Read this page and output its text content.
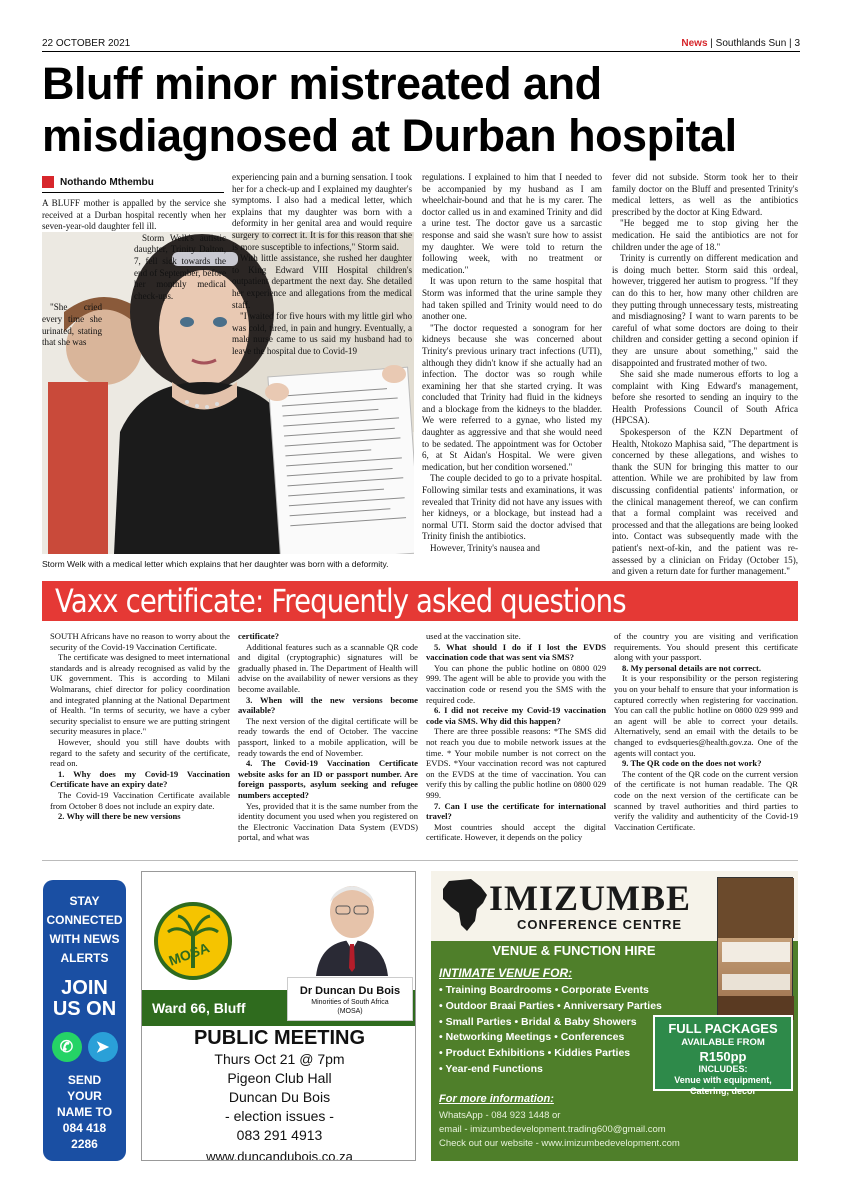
22 OCTOBER 2021	News | Southlands Sun | 3
Bluff minor mistreated and misdiagnosed at Durban hospital
Nothando Mthembu

A BLUFF mother is appalled by the service she received at a Durban hospital recently when her seven-year-old daughter fell ill.

Storm Welk's autistic daughter, Trinity Dalton, 7, fell sick towards the end of September, before her monthly medical check-ups.

"She cried every time she urinated, stating that she was

experiencing pain and a burning sensation. I took her for a check-up and I explained my daughter's symptoms. I also had a medical letter, which explains that my daughter was born with a deformity in her genital area and would require surgery to correct it. It is for this reason that she is more susceptible to infections," Storm said.

With little assistance, she rushed her daughter to King Edward VIII Hospital children's outpatient department the next day. She detailed her experience and allegations from the medical staff.

"I waited for five hours with my little girl who was cold, tired, in pain and hungry. Eventually, a male nurse came to us said my husband had to leave the hospital due to Covid-19

regulations. I explained to him that I needed to be accompanied by my husband as I am wheelchair-bound and that he is my carer. The doctor called us in and examined Trinity and did a urine test. The doctor gave us a sarcastic response and said she wasn't sure how to assist my daughter. We were told to return the following week, with no treatment or medication."

It was upon return to the same hospital that Storm was informed that the urine sample they had taken spilled and Trinity would need to do another one.

"The doctor requested a sonogram for her kidneys because she was concerned about Trinity's previous urinary tract infections (UTI), although they didn't know if she actually had an infection. The doctor was so rough while examining her that she started crying. It was concluded that Trinity had fluid in the kidneys and a blockage from the kidneys to the bladder. We were referred to a gynae, who listed my daughter as aggressive and that she would need to be sedated. The appointment was for October 6, at St Aidan's Hospital. We were given medication, but her condition worsened."

The couple decided to go to a private hospital. Following similar tests and examinations, it was revealed that Trinity did not have any issues with her kidneys, or a blockage, but instead had a normal UTI. Storm said the doctor advised that Trinity finish the antibiotics.

However, Trinity's nausea and

fever did not subside. Storm took her to their family doctor on the Bluff and presented Trinity's medical letters, as well as the antibiotics prescribed by the doctor at King Edward.

"He begged me to stop giving her the medication. He said the antibiotics are not for children under the age of 18."

Trinity is currently on different medication and is doing much better. Storm said this ordeal, however, triggered her autism to progress. "If they can do this to her, how many other children are they putting through unnecessary tests, mistreating and misdiagnosing? I want to warn parents to be careful of what some doctors are doing to their children and consider getting a second opinion if they are unsure about something," said the disappointed and frustrated mother of two.

She said she made numerous efforts to log a complaint with King Edward's management, before she resorted to sending an inquiry to the Health Professions Council of South Africa (HPCSA).

Spokesperson of the KZN Department of Health, Ntokozo Maphisa said, "The department is concerned by these allegations, and wishes to thank the SUN for bringing this matter to our attention. While we are prohibited by law from discussing confidential patients' information, or the clinical management thereof, we can confirm that a formal complaint was received and processed and that the allegations are being looked into. Contact was subsequently made with the patient's next-of-kin, and the patient was re-assessed by a clinician on Friday (October 15), and given a return date for further management."

Storm Welk with a medical letter which explains that her daughter was born with a deformity.
Vaxx certificate: Frequently asked questions

SOUTH Africans have no reason to worry about the security of the Covid-19 Vaccination Certificate.

The certificate was designed to meet international standards and is already recognised as valid by the UK government. This is according to Milani Wolmarans, chief director for policy coordination and integrated planning at the National Department of Health. "In terms of security, we have a cyber security specialist to ensure we are putting stringent security measures in place."

However, should you still have doubts with regard to the safety and security of the certificate, read on.

1. Why does my Covid-19 Vaccination Certificate have an expiry date?

The Covid-19 Vaccination Certificate available from October 8 does not include an expiry date.

2. Why will there be new versions

certificate?

Additional features such as a scannable QR code and digital (cryptographic) signatures will be gradually phased in. The Department of Health will advise on the availability of newer versions as they become available.

3. When will the new versions become available?

The next version of the digital certificate will be ready towards the end of October. The vaccine passport, linked to a mobile application, will be ready towards the end of November.

4. The Covid-19 Vaccination Certificate website asks for an ID or passport number. Are foreign passports, asylum seeking and refugee numbers accepted?

Yes, provided that it is the same number from the identity document you used when you registered on the Electronic Vaccination Data System (EVDS) portal, and what was

used at the vaccination site.

5. What should I do if I lost the EVDS vaccination code that was sent via SMS?

You can phone the public hotline on 0800 029 999. The agent will be able to provide you with the vaccination code or resend you the SMS with the required code.

6. I did not receive my Covid-19 vaccination code via SMS. Why did this happen?

There are three possible reasons: *The SMS did not reach you due to mobile network issues at the time. * Your mobile number is not correct on the EVDS. *Your vaccination record was not captured on the EVDS at the time of vaccination. You can verify this by calling the public hotline on 0800 029 999.

7. Can I use the certificate for international travel?

Most countries should accept the digital certificate. However, it depends on the policy

of the country you are visiting and verification requirements. You should present this certificate along with your passport.

8. My personal details are not correct.

It is your responsibility or the person registering you on your behalf to ensure that your information is captured correctly when registering for vaccination. You can call the public hotline on 0800 029 999 and an agent will be able to correct your details. Alternatively, send an email with the details to be changed to evdsqueries@health.gov.za. One of the agents will contact you.

9. The QR code on the does not work?

The content of the QR code on the current version of the certificate is not human readable. The QR code on the next version of the certificate can be scanned by travel authorities and third parties to verify the validity and authenticity of the Covid-19 Vaccination Certificate.

STAY
CONNECTED
WITH NEWS
ALERTS
JOIN
US ON
✆	➤
SEND
YOUR
NAME TO
084 418
2286
MOSA
Ward 66, Bluff
Dr Duncan Du Bois
Minorities of South Africa
(MOSA)
PUBLIC MEETING
Thurs Oct 21 @ 7pm
Pigeon Club Hall
Duncan Du Bois
- election issues -
083 291 4913
www.duncandubois.co.za
IMIZUMBE
CONFERENCE CENTRE
VENUE & FUNCTION HIRE
INTIMATE VENUE FOR:
• Training Boardrooms • Corporate Events
• Outdoor Braai Parties • Anniversary Parties
• Small Parties • Bridal & Baby Showers
• Networking Meetings • Conferences
• Product Exhibitions • Kiddies Parties
• Year-end Functions
FULL PACKAGES
AVAILABLE FROM
R150pp
INCLUDES:
Venue with equipment,
Catering, decor
For more information:
WhatsApp - 084 923 1448 or
email - imizumbedevelopment.trading600@gmail.com
Check out our website - www.imizumbedevelopment.com
